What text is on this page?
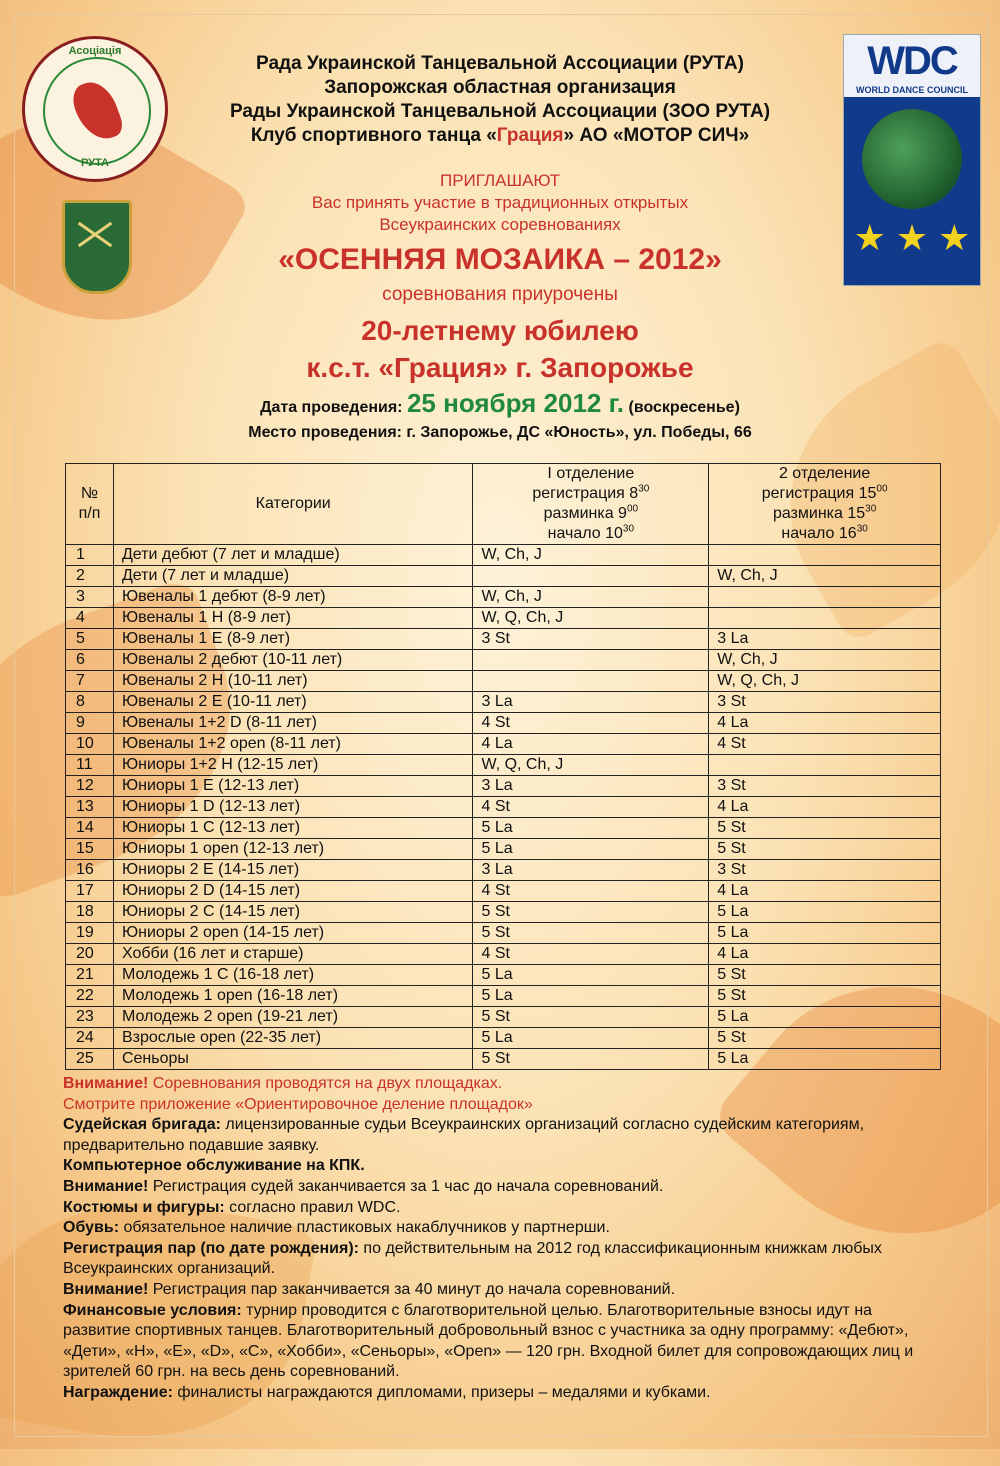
РУТА
Асоціація	WDC
WORLD DANCE COUNCIL
★ ★ ★
Рада Украинской Танцевальной Ассоциации (РУТА)
Запорожская областная организация
Рады Украинской Танцевальной Ассоциации (ЗОО РУТА)
Клуб спортивного танца «Грация» АО «МОТОР СИЧ»
ПРИГЛАШАЮТ
Вас принять участие в традиционных открытых
Всеукраинских соревнованиях
«ОСЕННЯЯ МОЗАИКА – 2012»
соревнования приурочены
20-летнему юбилею
к.с.т. «Грация» г. Запорожье
Дата проведения: 25 ноября 2012 г. (воскресенье)
Место проведения: г. Запорожье, ДС «Юность», ул. Победы, 66
№
п/п	Категории	I отделение
регистрация $8^{30}$
разминка $9^{00}$
начало $10^{30}$	2 отделение
регистрация $15^{00}$
разминка $15^{30}$
начало $16^{30}$
1	Дети дебют (7 лет и младше)	W, Ch, J	
2	Дети (7 лет и младше)		W, Ch, J
3	Ювеналы 1 дебют (8-9 лет)	W, Ch, J	
4	Ювеналы 1 Н (8-9 лет)	W, Q, Ch, J	
5	Ювеналы 1 Е (8-9 лет)	3 St	3 La
6	Ювеналы 2 дебют (10-11 лет)		W, Ch, J
7	Ювеналы 2 Н (10-11 лет)		W, Q, Ch, J
8	Ювеналы 2 Е (10-11 лет)	3 La	3 St
9	Ювеналы 1+2 D (8-11 лет)	4 St	4 La
10	Ювеналы 1+2 open (8-11 лет)	4 La	4 St
11	Юниоры 1+2 Н (12-15 лет)	W, Q, Ch, J	
12	Юниоры 1 Е (12-13 лет)	3 La	3 St
13	Юниоры 1 D (12-13 лет)	4 St	4 La
14	Юниоры 1 С (12-13 лет)	5 La	5 St
15	Юниоры 1 open (12-13 лет)	5 La	5 St
16	Юниоры 2 Е (14-15 лет)	3 La	3 St
17	Юниоры 2 D (14-15 лет)	4 St	4 La
18	Юниоры 2 С (14-15 лет)	5 St	5 La
19	Юниоры 2 open (14-15 лет)	5 St	5 La
20	Хобби (16 лет и старше)	4 St	4 La
21	Молодежь 1 С (16-18 лет)	5 La	5 St
22	Молодежь 1 open (16-18 лет)	5 La	5 St
23	Молодежь 2 open (19-21 лет)	5 St	5 La
24	Взрослые open (22-35 лет)	5 La	5 St
25	Сеньоры	5 St	5 La

Внимание! Соревнования проводятся на двух площадках.

Смотрите приложение «Ориентировочное деление площадок»

Судейская бригада: лицензированные судьи Всеукраинских организаций согласно судейским категориям, предварительно подавшие заявку.

Компьютерное обслуживание на КПК.

Внимание! Регистрация судей заканчивается за 1 час до начала соревнований.

Костюмы и фигуры: согласно правил WDC.

Обувь: обязательное наличие пластиковых накаблучников у партнерши.

Регистрация пар (по дате рождения): по действительным на 2012 год классификационным книжкам любых Всеукраинских организаций.

Внимание! Регистрация пар заканчивается за 40 минут до начала соревнований.

Финансовые условия: турнир проводится с благотворительной целью. Благотворительные взносы идут на развитие спортивных танцев. Благотворительный добровольный взнос с участника за одну программу: «Дебют», «Дети», «Н», «Е», «D», «С», «Хобби», «Сеньоры», «Open» — 120 грн. Входной билет для сопровождающих лиц и зрителей 60 грн. на весь день соревнований.

Награждение: финалисты награждаются дипломами, призеры – медалями и кубками.
